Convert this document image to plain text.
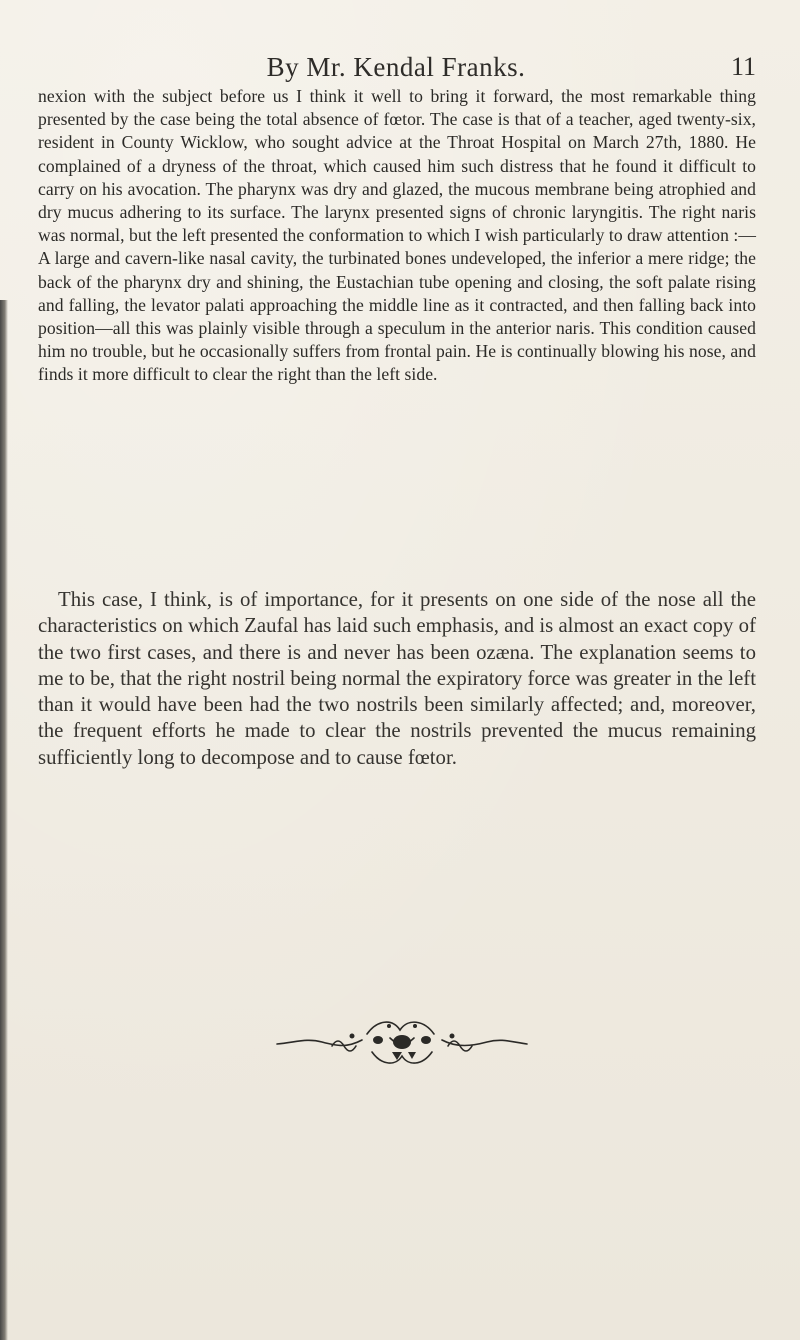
By Mr. Kendal Franks.	11

nexion with the subject before us I think it well to bring it forward, the most remarkable thing presented by the case being the total absence of fœtor. The case is that of a teacher, aged twenty-six, resident in County Wicklow, who sought advice at the Throat Hospital on March 27th, 1880. He complained of a dryness of the throat, which caused him such distress that he found it difficult to carry on his avocation. The pharynx was dry and glazed, the mucous membrane being atrophied and dry mucus adhering to its surface. The larynx presented signs of chronic laryngitis. The right naris was normal, but the left presented the conformation to which I wish particularly to draw attention :—A large and cavern-like nasal cavity, the turbinated bones undeveloped, the inferior a mere ridge; the back of the pharynx dry and shining, the Eustachian tube opening and closing, the soft palate rising and falling, the levator palati approaching the middle line as it contracted, and then falling back into position—all this was plainly visible through a speculum in the anterior naris. This condition caused him no trouble, but he occasionally suffers from frontal pain. He is continually blowing his nose, and finds it more difficult to clear the right than the left side.

This case, I think, is of importance, for it presents on one side of the nose all the characteristics on which Zaufal has laid such emphasis, and is almost an exact copy of the two first cases, and there is and never has been ozæna. The explanation seems to me to be, that the right nostril being normal the expiratory force was greater in the left than it would have been had the two nostrils been similarly affected; and, moreover, the frequent efforts he made to clear the nostrils prevented the mucus remaining sufficiently long to decompose and to cause fœtor.
